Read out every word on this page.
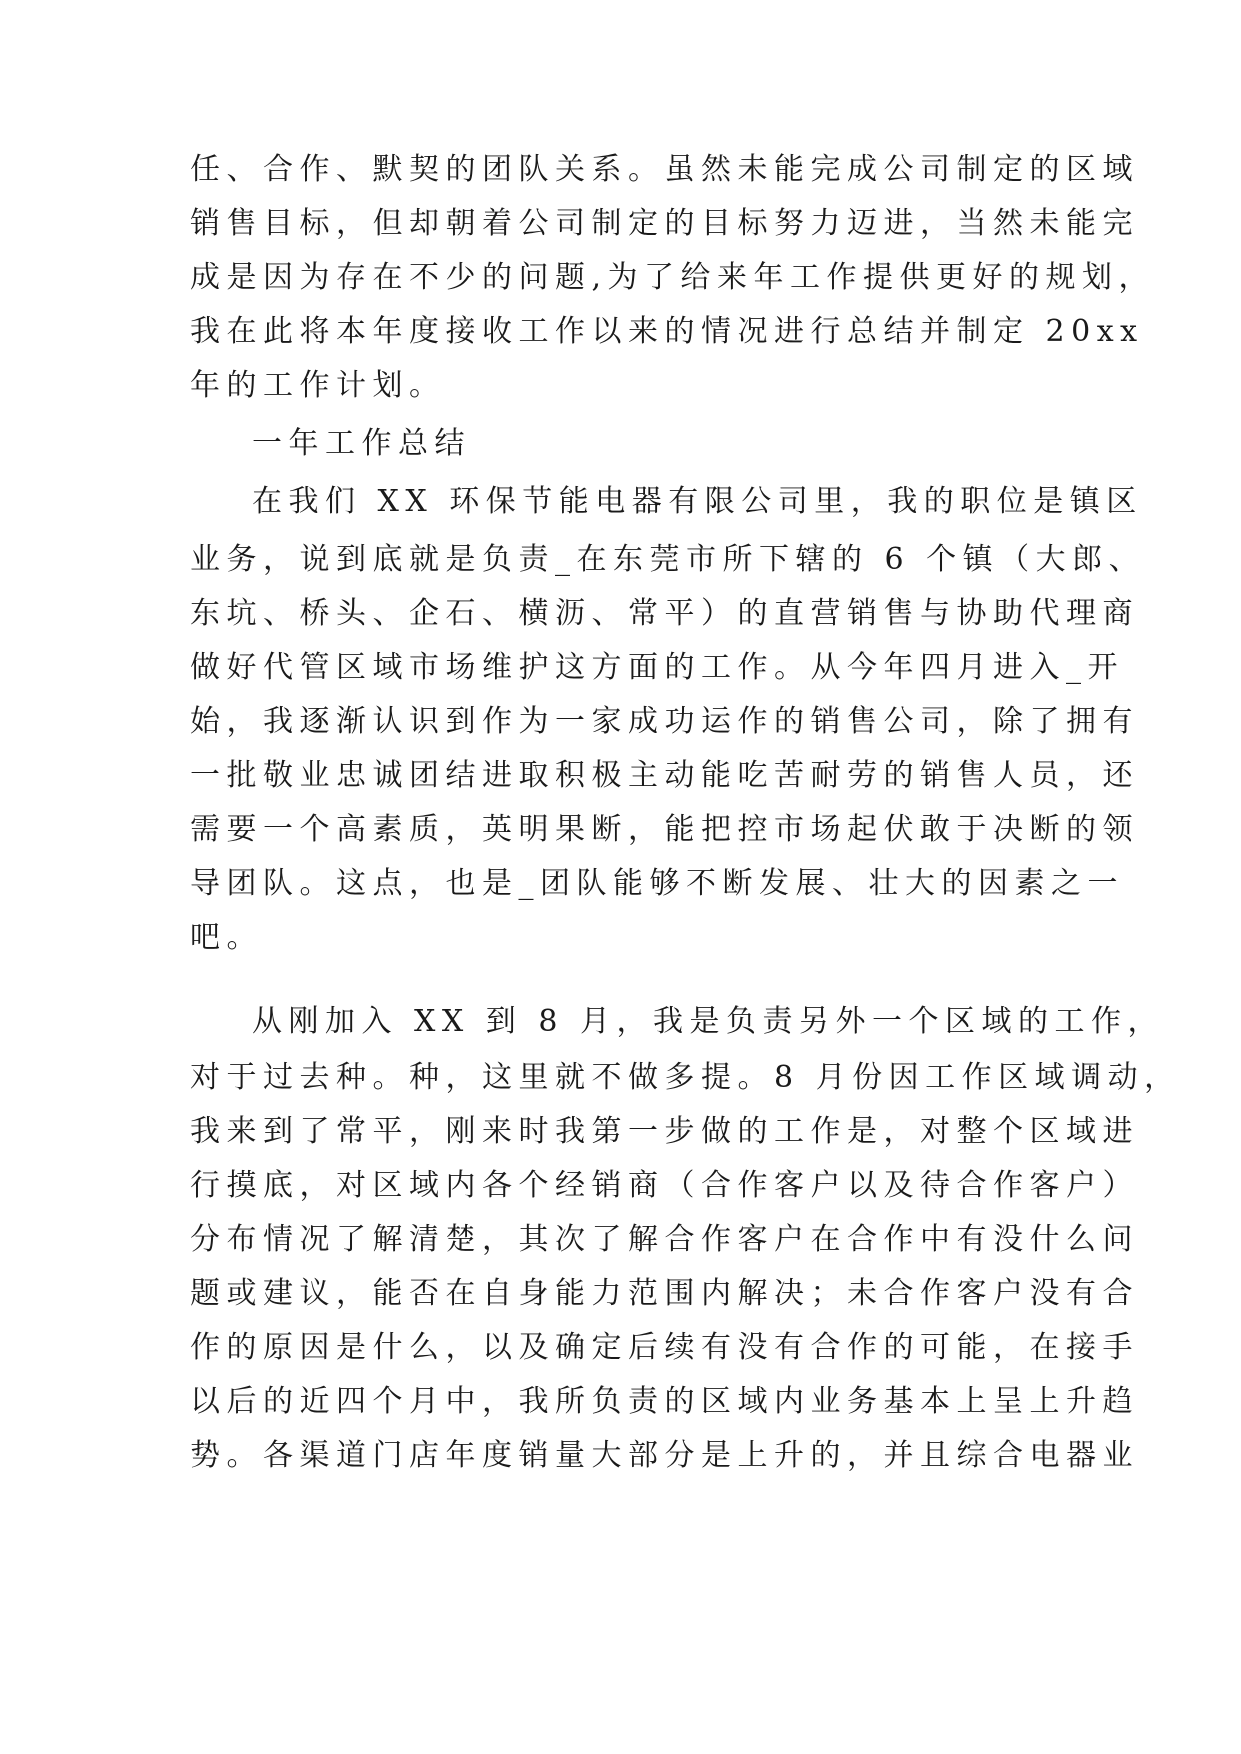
任、合作、默契的团队关系。虽然未能完成公司制定的区域
销售目标，但却朝着公司制定的目标努力迈进，当然未能完
成是因为存在不少的问题,为了给来年工作提供更好的规划，
我在此将本年度接收工作以来的情况进行总结并制定 20xx
年的工作计划。
一年工作总结
在我们 XX 环保节能电器有限公司里，我的职位是镇区
业务，说到底就是负责_在东莞市所下辖的 6 个镇（大郎、
东坑、桥头、企石、横沥、常平）的直营销售与协助代理商
做好代管区域市场维护这方面的工作。从今年四月进入_开
始，我逐渐认识到作为一家成功运作的销售公司，除了拥有
一批敬业忠诚团结进取积极主动能吃苦耐劳的销售人员，还
需要一个高素质，英明果断，能把控市场起伏敢于决断的领
导团队。这点，也是_团队能够不断发展、壮大的因素之一
吧。
从刚加入 XX 到 8 月，我是负责另外一个区域的工作，
对于过去种。种，这里就不做多提。8 月份因工作区域调动，
我来到了常平，刚来时我第一步做的工作是，对整个区域进
行摸底，对区域内各个经销商（合作客户以及待合作客户）
分布情况了解清楚，其次了解合作客户在合作中有没什么问
题或建议，能否在自身能力范围内解决；未合作客户没有合
作的原因是什么，以及确定后续有没有合作的可能，在接手
以后的近四个月中，我所负责的区域内业务基本上呈上升趋
势。各渠道门店年度销量大部分是上升的，并且综合电器业
